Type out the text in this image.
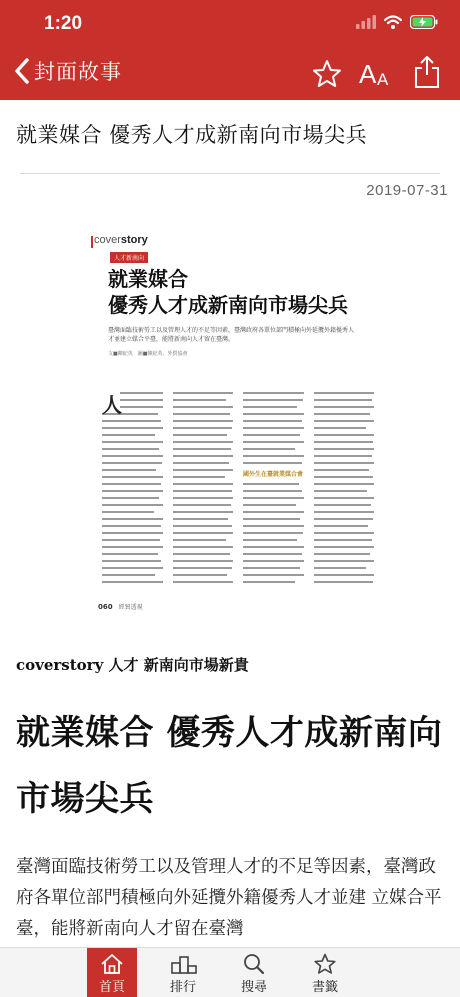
1:20
封面故事	A A
就業媒合 優秀人才成新南向市場尖兵
2019-07-31
coverstory
人才新南向
就業媒合
優秀人才成新南向市場尖兵
臺灣面臨技術勞工以及管理人才的不足等因素，臺灣政府各單位部門積極向外延攬外籍優秀人才並建立媒合平臺，能將新南向人才留在臺灣。
文■陳紀英　圖■陳紀英、外貿協會
人
國外生在臺就業媒合會
060　 經貿透視
coverstory 人才 新南向市場新貴
就業媒合 優秀人才成新南向市場尖兵
臺灣面臨技術勞工以及管理人才的不足等因素，臺灣政府各單位部門積極向外延攬外籍優秀人才並建 立媒合平臺，能將新南向人才留在臺灣
首頁	排行	搜尋	書籤
